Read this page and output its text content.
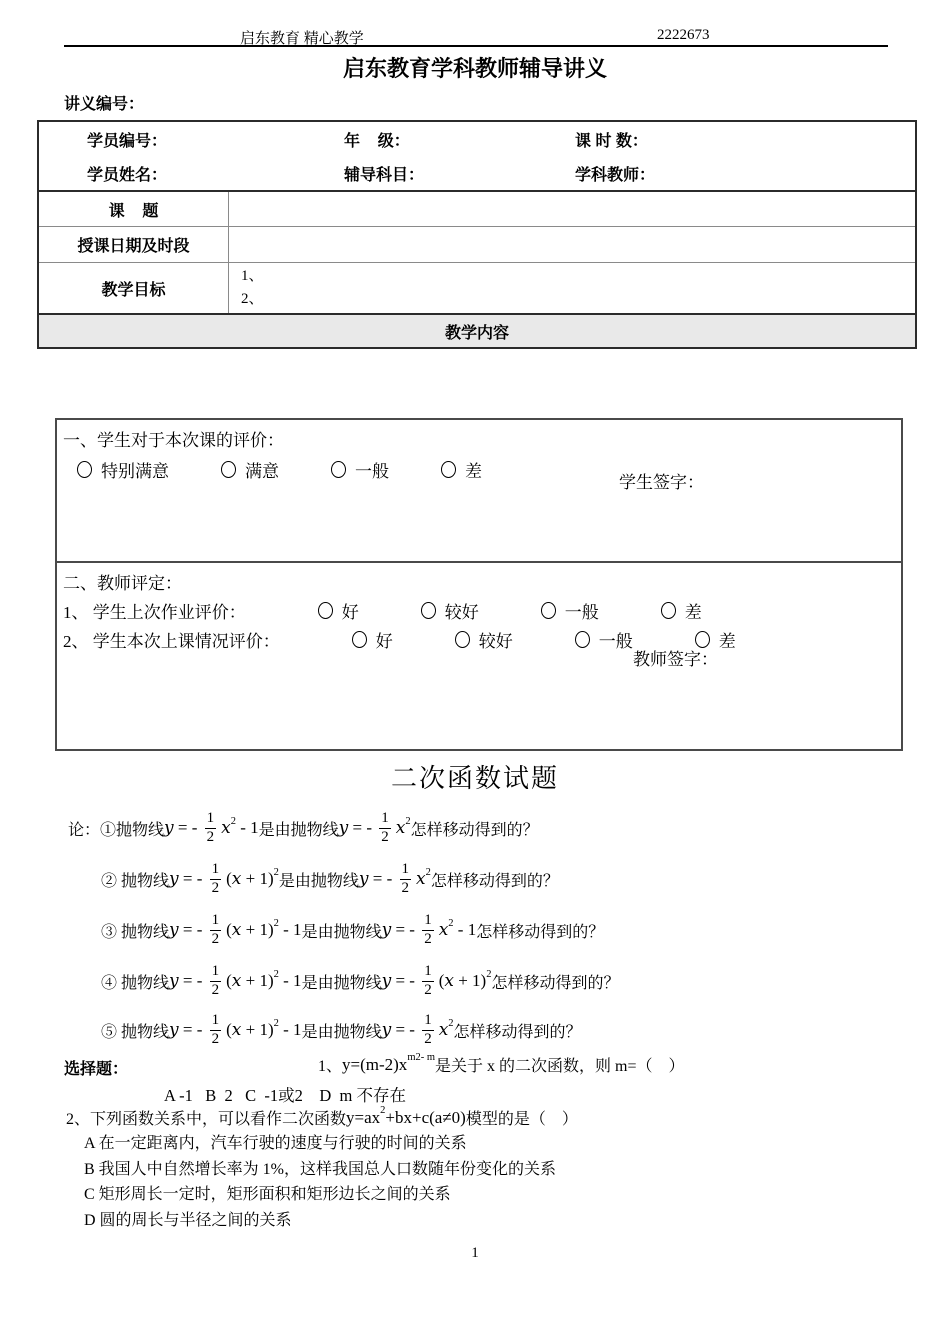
启东教育 精心教学	2222673
启东教育学科教师辅导讲义
讲义编号：
学员编号：	年    级：	课 时 数：
学员姓名：	辅导科目：	学科教师：
课    题
授课日期及时段
教学目标
1、
2、
教学内容
一、学生对于本次课的评价：
特别满意	满意	一般	差
学生签字：
二、教师评定：
1、 学生上次作业评价：	好	较好	一般	差
2、 学生本次上课情况评价：	好	较好	一般	差
教师签字：
二次函数试题
论：①抛物线 y = - $\frac{1}{2}$ x 2 - 1 是由抛物线 y = - $\frac{1}{2}$ x 2
怎样移动得到的？
② 抛物线 y = - $\frac{1}{2}$ ( x + 1) 2
是由抛物线 y = - $\frac{1}{2}$ x 2
怎样移动得到的？
③ 抛物线 y = - $\frac{1}{2}$ ( x + 1) 2 - 1 是由抛物线 y = - $\frac{1}{2}$ x 2 - 1 怎样移动得到的？
④ 抛物线 y = - $\frac{1}{2}$ ( x + 1) 2 - 1 是由抛物线 y = - $\frac{1}{2}$ ( x + 1) 2
怎样移动得到的？
⑤ 抛物线 y = - $\frac{1}{2}$ ( x + 1) 2 - 1 是由抛物线 y = - $\frac{1}{2}$ x 2
怎样移动得到的？
选择题：	1、 y=(m-2)x m2- m
是关于 x 的二次函数，则 m=（　）
A -1   B  2   C  -1或2    D  m 不存在
2、下列函数关系中，可以看作二次函数 y=ax 2 +bx+c(a≠0) 模型的是（　）
A 在一定距离内，汽车行驶的速度与行驶的时间的关系
B 我国人中自然增长率为 1%，这样我国总人口数随年份变化的关系
C 矩形周长一定时，矩形面积和矩形边长之间的关系
D 圆的周长与半径之间的关系
1
